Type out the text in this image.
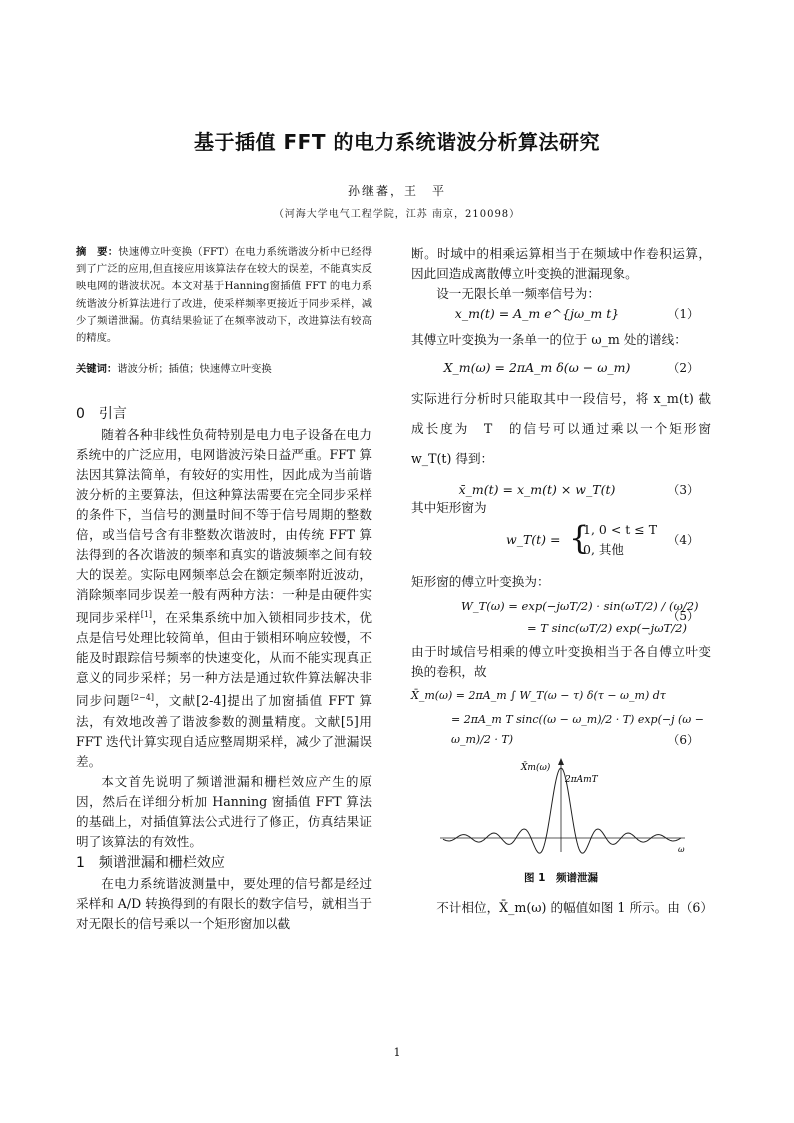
基于插值 FFT 的电力系统谐波分析算法研究
孙继蕃，王　平
（河海大学电气工程学院，江苏 南京，210098）
摘　要：快速傅立叶变换（FFT）在电力系统谐波分析中已经得到了广泛的应用,但直接应用该算法存在较大的误差，不能真实反映电网的谐波状况。本文对基于Hanning窗插值 FFT 的电力系统谐波分析算法进行了改进，使采样频率更接近于同步采样，减少了频谱泄漏。仿真结果验证了在频率波动下，改进算法有较高的精度。
关键词：谐波分析；插值；快速傅立叶变换
0　引言

随着各种非线性负荷特别是电力电子设备在电力系统中的广泛应用，电网谐波污染日益严重。FFT 算法因其算法简单，有较好的实用性，因此成为当前谐波分析的主要算法，但这种算法需要在完全同步采样的条件下，当信号的测量时间不等于信号周期的整数倍，或当信号含有非整数次谐波时，由传统 FFT 算法得到的各次谐波的频率和真实的谐波频率之间有较大的误差。实际电网频率总会在额定频率附近波动，消除频率同步误差一般有两种方法：一种是由硬件实现同步采样[1]，在采集系统中加入锁相同步技术，优点是信号处理比较简单，但由于锁相环响应较慢，不能及时跟踪信号频率的快速变化，从而不能实现真正意义的同步采样；另一种方法是通过软件算法解决非同步问题[2−4]，文献[2-4]提出了加窗插值 FFT 算法，有效地改善了谐波参数的测量精度。文献[5]用 FFT 迭代计算实现自适应整周期采样，减少了泄漏误差。

本文首先说明了频谱泄漏和栅栏效应产生的原因，然后在详细分析加 Hanning 窗插值 FFT 算法的基础上，对插值算法公式进行了修正，仿真结果证明了该算法的有效性。

1　频谱泄漏和栅栏效应

在电力系统谐波测量中，要处理的信号都是经过采样和 A/D 转换得到的有限长的数字信号，就相当于对无限长的信号乘以一个矩形窗加以截

断。时域中的相乘运算相当于在频域中作卷积运算，因此回造成离散傅立叶变换的泄漏现象。

设一无限长单一频率信号为：

x_m(t) = A_m e^{jω_m t}	（1）

其傅立叶变换为一条单一的位于 ω_m 处的谱线：

X_m(ω) = 2πA_m δ(ω − ω_m)	（2）

实际进行分析时只能取其中一段信号，将 x_m(t) 截成长度为　T　的信号可以通过乘以一个矩形窗 w_T(t) 得到：

x̄_m(t) = x_m(t) × w_T(t)	（3）

其中矩形窗为

w_T(t) = {
1, 0 < t ≤ T
0, 其他
（4）

矩形窗的傅立叶变换为：

W_T(ω) = exp(−jωT/2) · sin(ωT/2) / (ω/2)
= T sinc(ωT/2) exp(−jωT/2)
（5）

由于时域信号相乘的傅立叶变换相当于各自傅立叶变换的卷积，故

X̄_m(ω) = 2πA_m ∫ W_T(ω − τ) δ(τ − ω_m) dτ
= 2πA_m T sinc((ω − ω_m)/2 · T) exp(−j (ω − ω_m)/2 · T)	（6）
X̄m(ω)
2πAmT
ω
图 1　频谱泄漏

不计相位，X̄_m(ω) 的幅值如图 1 所示。由（6）

1
